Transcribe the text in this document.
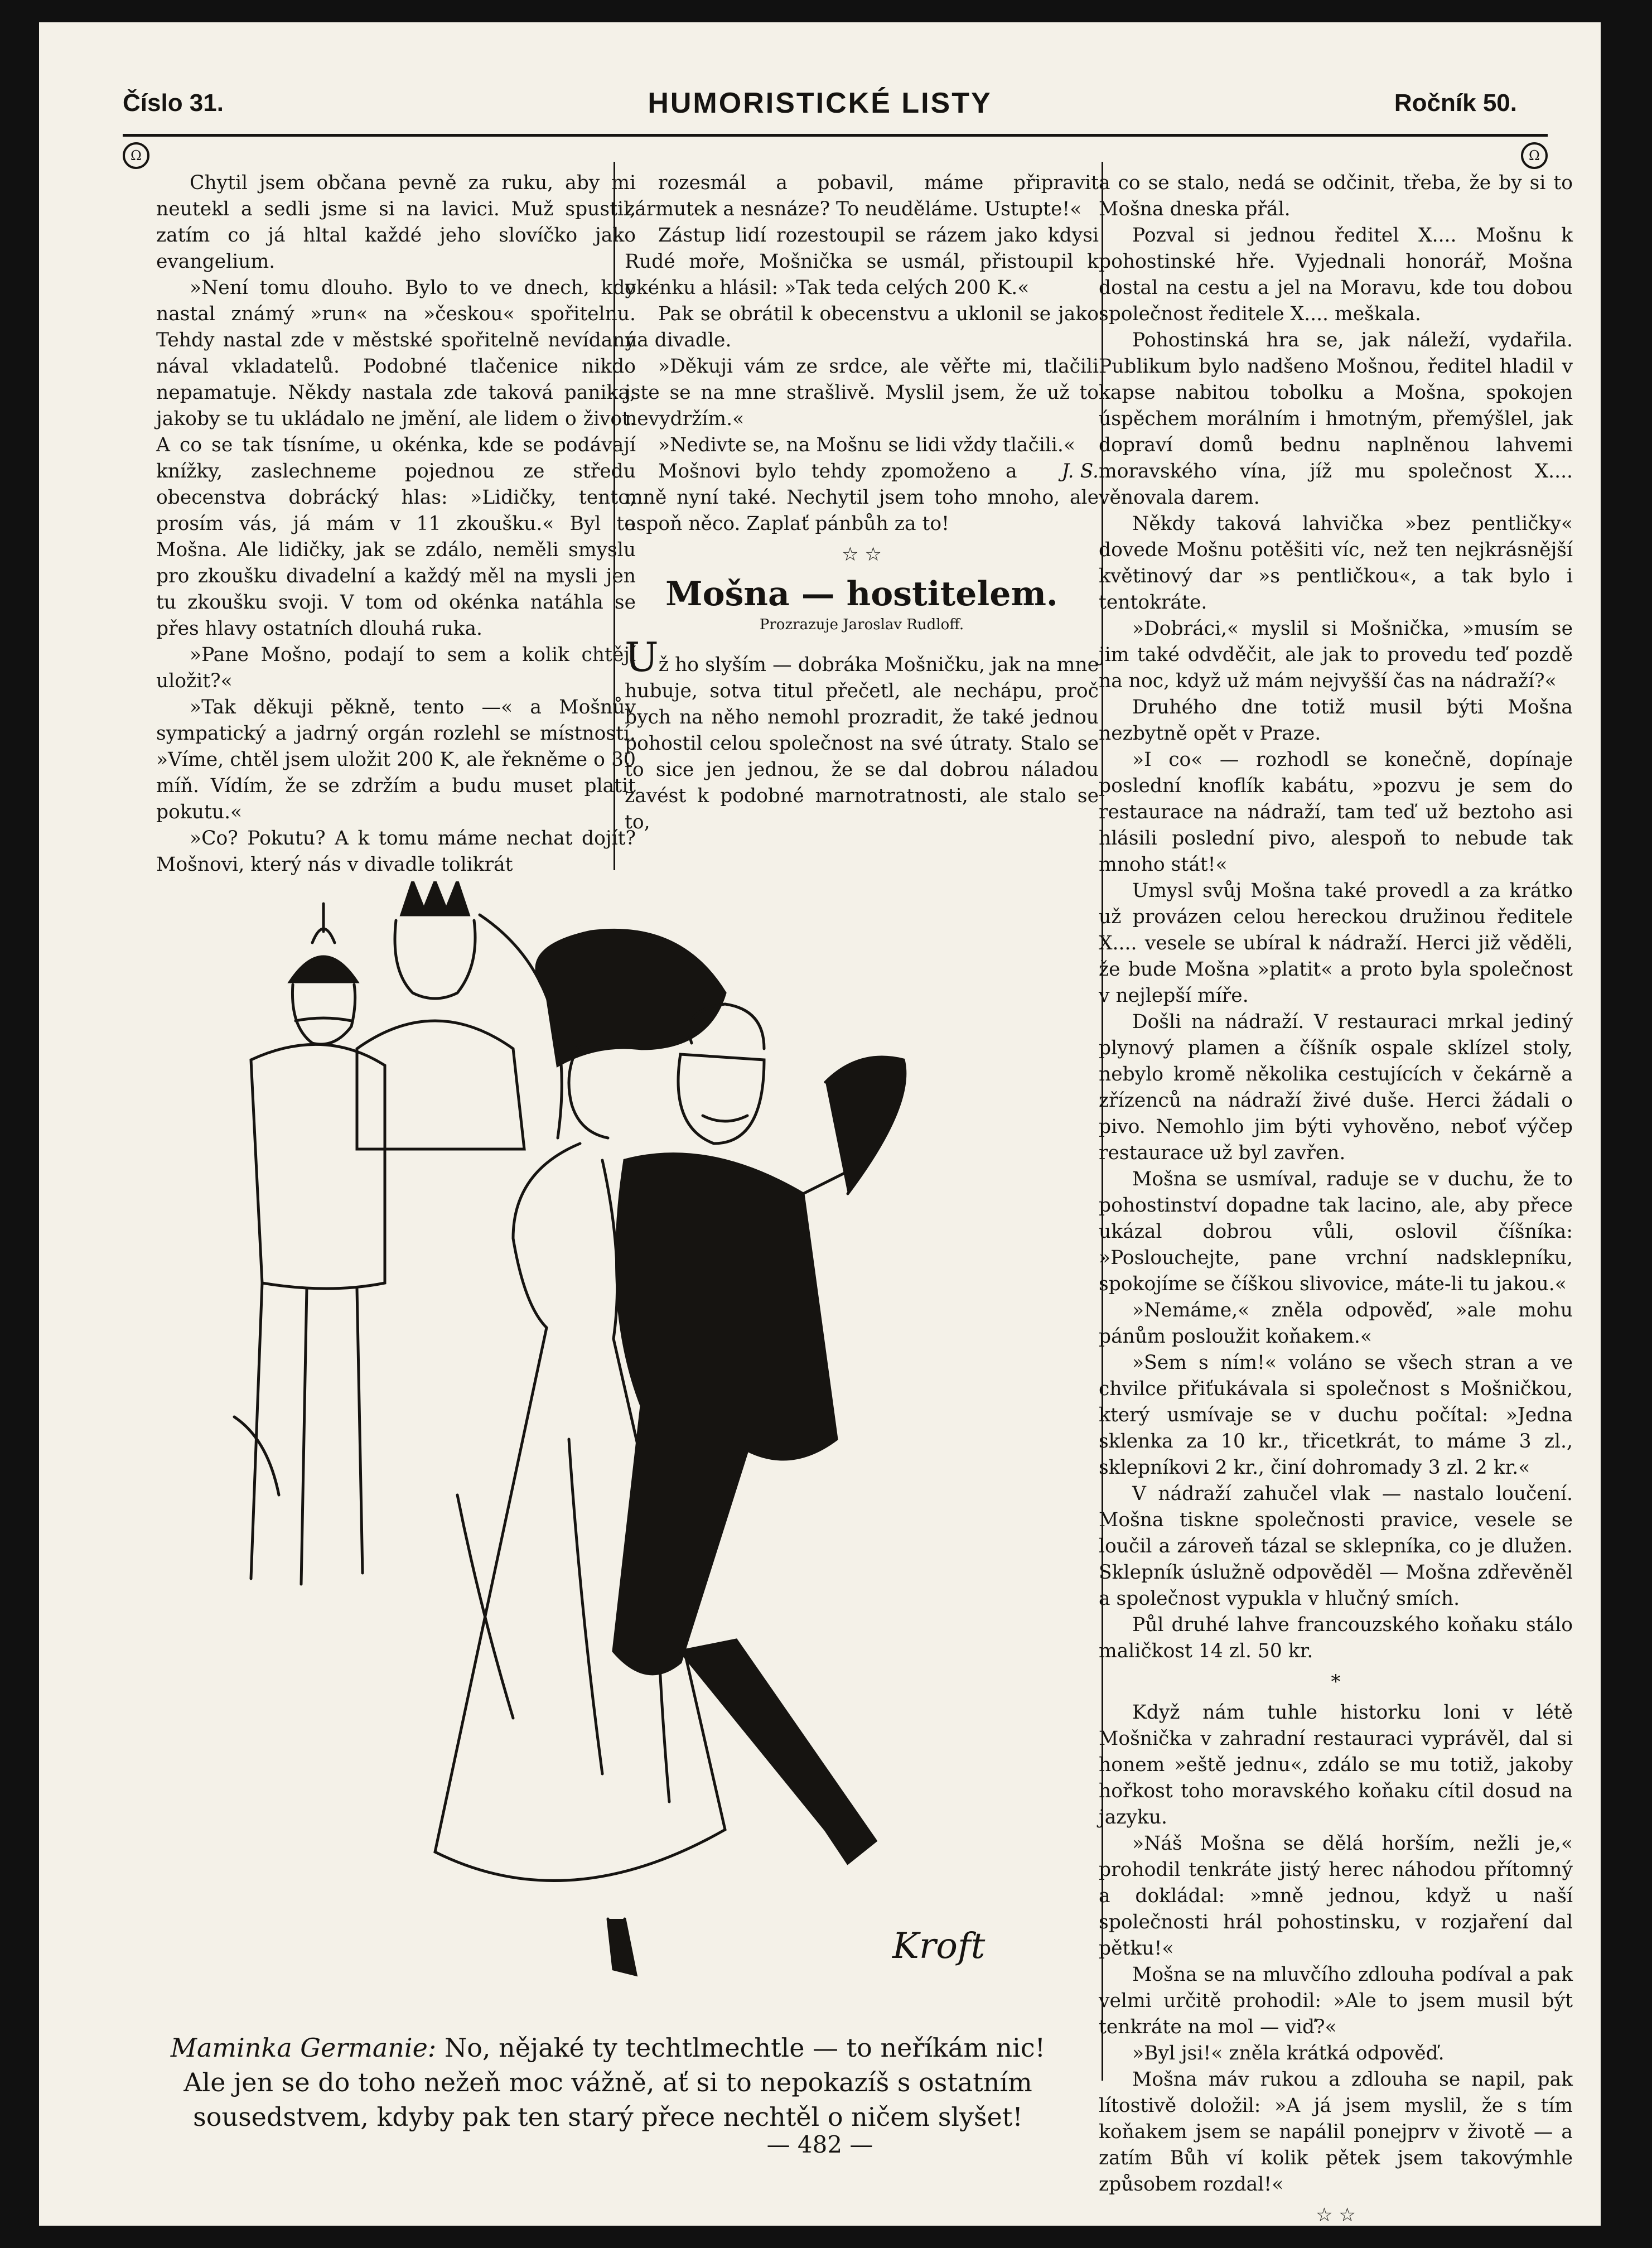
Číslo 31.	HUMORISTICKÉ LISTY	Ročník 50.
Ω	Ω

Chytil jsem občana pevně za ruku, aby mi neutekl a sedli jsme si na lavici. Muž spustil, zatím co já hltal každé jeho slovíčko jako evangelium.

»Není tomu dlouho. Bylo to ve dnech, kdy nastal známý »run« na »českou« spořitelnu. Tehdy nastal zde v městské spořitelně nevídaný nával vkladatelů. Podobné tlačenice nikdo nepamatuje. Někdy nastala zde taková panika, jakoby se tu ukládalo ne jmění, ale lidem o život. A co se tak tísníme, u okénka, kde se podávají knížky, zaslechneme pojednou ze středu obecenstva dobrácký hlas: »Lidičky, tento, prosím vás, já mám v 11 zkoušku.« Byl to Mošna. Ale lidičky, jak se zdálo, neměli smyslu pro zkoušku divadelní a každý měl na mysli jen tu zkoušku svoji. V tom od okénka natáhla se přes hlavy ostatních dlouhá ruka.

»Pane Mošno, podají to sem a kolik chtějí uložit?«

»Tak děkuji pěkně, tento —« a Mošnův sympatický a jadrný orgán rozlehl se místností. »Víme, chtěl jsem uložit 200 K, ale řekněme o 30 míň. Vídím, že se zdržím a budu muset platit pokutu.«

»Co? Pokutu? A k tomu máme nechat dojít? Mošnovi, který nás v divadle tolikrát

rozesmál a pobavil, máme připravit zármutek a nesnáze? To neuděláme. Ustupte!«

Zástup lidí rozestoupil se rázem jako kdysi Rudé moře, Mošnička se usmál, přistoupil k okénku a hlásil: »Tak teda celých 200 K.«

Pak se obrátil k obecenstvu a uklonil se jako na divadle.

»Děkuji vám ze srdce, ale věřte mi, tlačili jste se na mne strašlivě. Myslil jsem, že už to nevydržím.«

»Nedivte se, na Mošnu se lidi vždy tlačili.«

J. S.
Mošnovi bylo tehdy zpomoženo a mně nyní také. Nechytil jsem toho mnoho, ale aspoň něco. Zaplať pánbůh za to!

☆ ☆
Mošna — hostitelem.
Prozrazuje Jaroslav Rudloff.

Už ho slyším — dobráka Mošničku, jak na mne hubuje, sotva titul přečetl, ale nechápu, proč bych na něho nemohl prozradit, že také jednou pohostil celou společnost na své útraty. Stalo se to sice jen jednou, že se dal dobrou náladou zavést k podobné marnotratnosti, ale stalo se to,

a co se stalo, nedá se odčinit, třeba, že by si to Mošna dneska přál.

Pozval si jednou ředitel X.... Mošnu k pohostinské hře. Vyjednali honorář, Mošna dostal na cestu a jel na Moravu, kde tou dobou společnost ředitele X.... meškala.

Pohostinská hra se, jak náleží, vydařila. Publikum bylo nadšeno Mošnou, ředitel hladil v kapse nabitou tobolku a Mošna, spokojen úspěchem morálním i hmotným, přemýšlel, jak dopraví domů bednu naplněnou lahvemi moravského vína, jíž mu společnost X.... věnovala darem.

Někdy taková lahvička »bez pentličky« dovede Mošnu potěšiti víc, než ten nejkrásnější květinový dar »s pentličkou«, a tak bylo i tentokráte.

»Dobráci,« myslil si Mošnička, »musím se jim také odvděčit, ale jak to provedu teď pozdě na noc, když už mám nejvyšší čas na nádraží?«

Druhého dne totiž musil býti Mošna nezbytně opět v Praze.

»I co« — rozhodl se konečně, dopínaje poslední knoflík kabátu, »pozvu je sem do restaurace na nádraží, tam teď už beztoho asi hlásili poslední pivo, alespoň to nebude tak mnoho stát!«

Umysl svůj Mošna také provedl a za krátko už provázen celou hereckou družinou ředitele X.... vesele se ubíral k nádraží. Herci již věděli, že bude Mošna »platit« a proto byla společnost v nejlepší míře.

Došli na nádraží. V restauraci mrkal jediný plynový plamen a číšník ospale sklízel stoly, nebylo kromě několika cestujících v čekárně a zřízenců na nádraží živé duše. Herci žádali o pivo. Nemohlo jim býti vyhověno, neboť výčep restaurace už byl zavřen.

Mošna se usmíval, raduje se v duchu, že to pohostinství dopadne tak lacino, ale, aby přece ukázal dobrou vůli, oslovil číšníka: »Poslouchejte, pane vrchní nadsklepníku, spokojíme se číškou slivovice, máte-li tu jakou.«

»Nemáme,« zněla odpověď, »ale mohu pánům posloužit koňakem.«

»Sem s ním!« voláno se všech stran a ve chvilce přiťukávala si společnost s Mošničkou, který usmívaje se v duchu počítal: »Jedna sklenka za 10 kr., třicetkrát, to máme 3 zl., sklepníkovi 2 kr., činí dohromady 3 zl. 2 kr.«

V nádraží zahučel vlak — nastalo loučení. Mošna tiskne společnosti pravice, vesele se loučil a zároveň tázal se sklepníka, co je dlužen. Sklepník úslužně odpověděl — Mošna zdřevěněl a společnost vypukla v hlučný smích.

Půl druhé lahve francouzského koňaku stálo maličkost 14 zl. 50 kr.

*

Když nám tuhle historku loni v létě Mošnička v zahradní restauraci vyprávěl, dal si honem »eště jednu«, zdálo se mu totiž, jakoby hořkost toho moravského koňaku cítil dosud na jazyku.

»Náš Mošna se dělá horším, nežli je,« prohodil tenkráte jistý herec náhodou přítomný a dokládal: »mně jednou, když u naší společnosti hrál pohostinsku, v rozjaření dal pětku!«

Mošna se na mluvčího zdlouha podíval a pak velmi určitě prohodil: »Ale to jsem musil být tenkráte na mol — viď?«

»Byl jsi!« zněla krátká odpověď.

Mošna máv rukou a zdlouha se napil, pak lítostivě doložil: »A já jsem myslil, že s tím koňakem jsem se napálil ponejprv v životě — a zatím Bůh ví kolik pětek jsem takovýmhle způsobem rozdal!«

☆ ☆
Kroft
Maminka Germanie: No, nějaké ty techtlmechtle — to neříkám nic!
Ale jen se do toho nežeň moc vážně, ať si to nepokazíš s ostatním
sousedstvem, kdyby pak ten starý přece nechtěl o ničem slyšet!
— 482 —
